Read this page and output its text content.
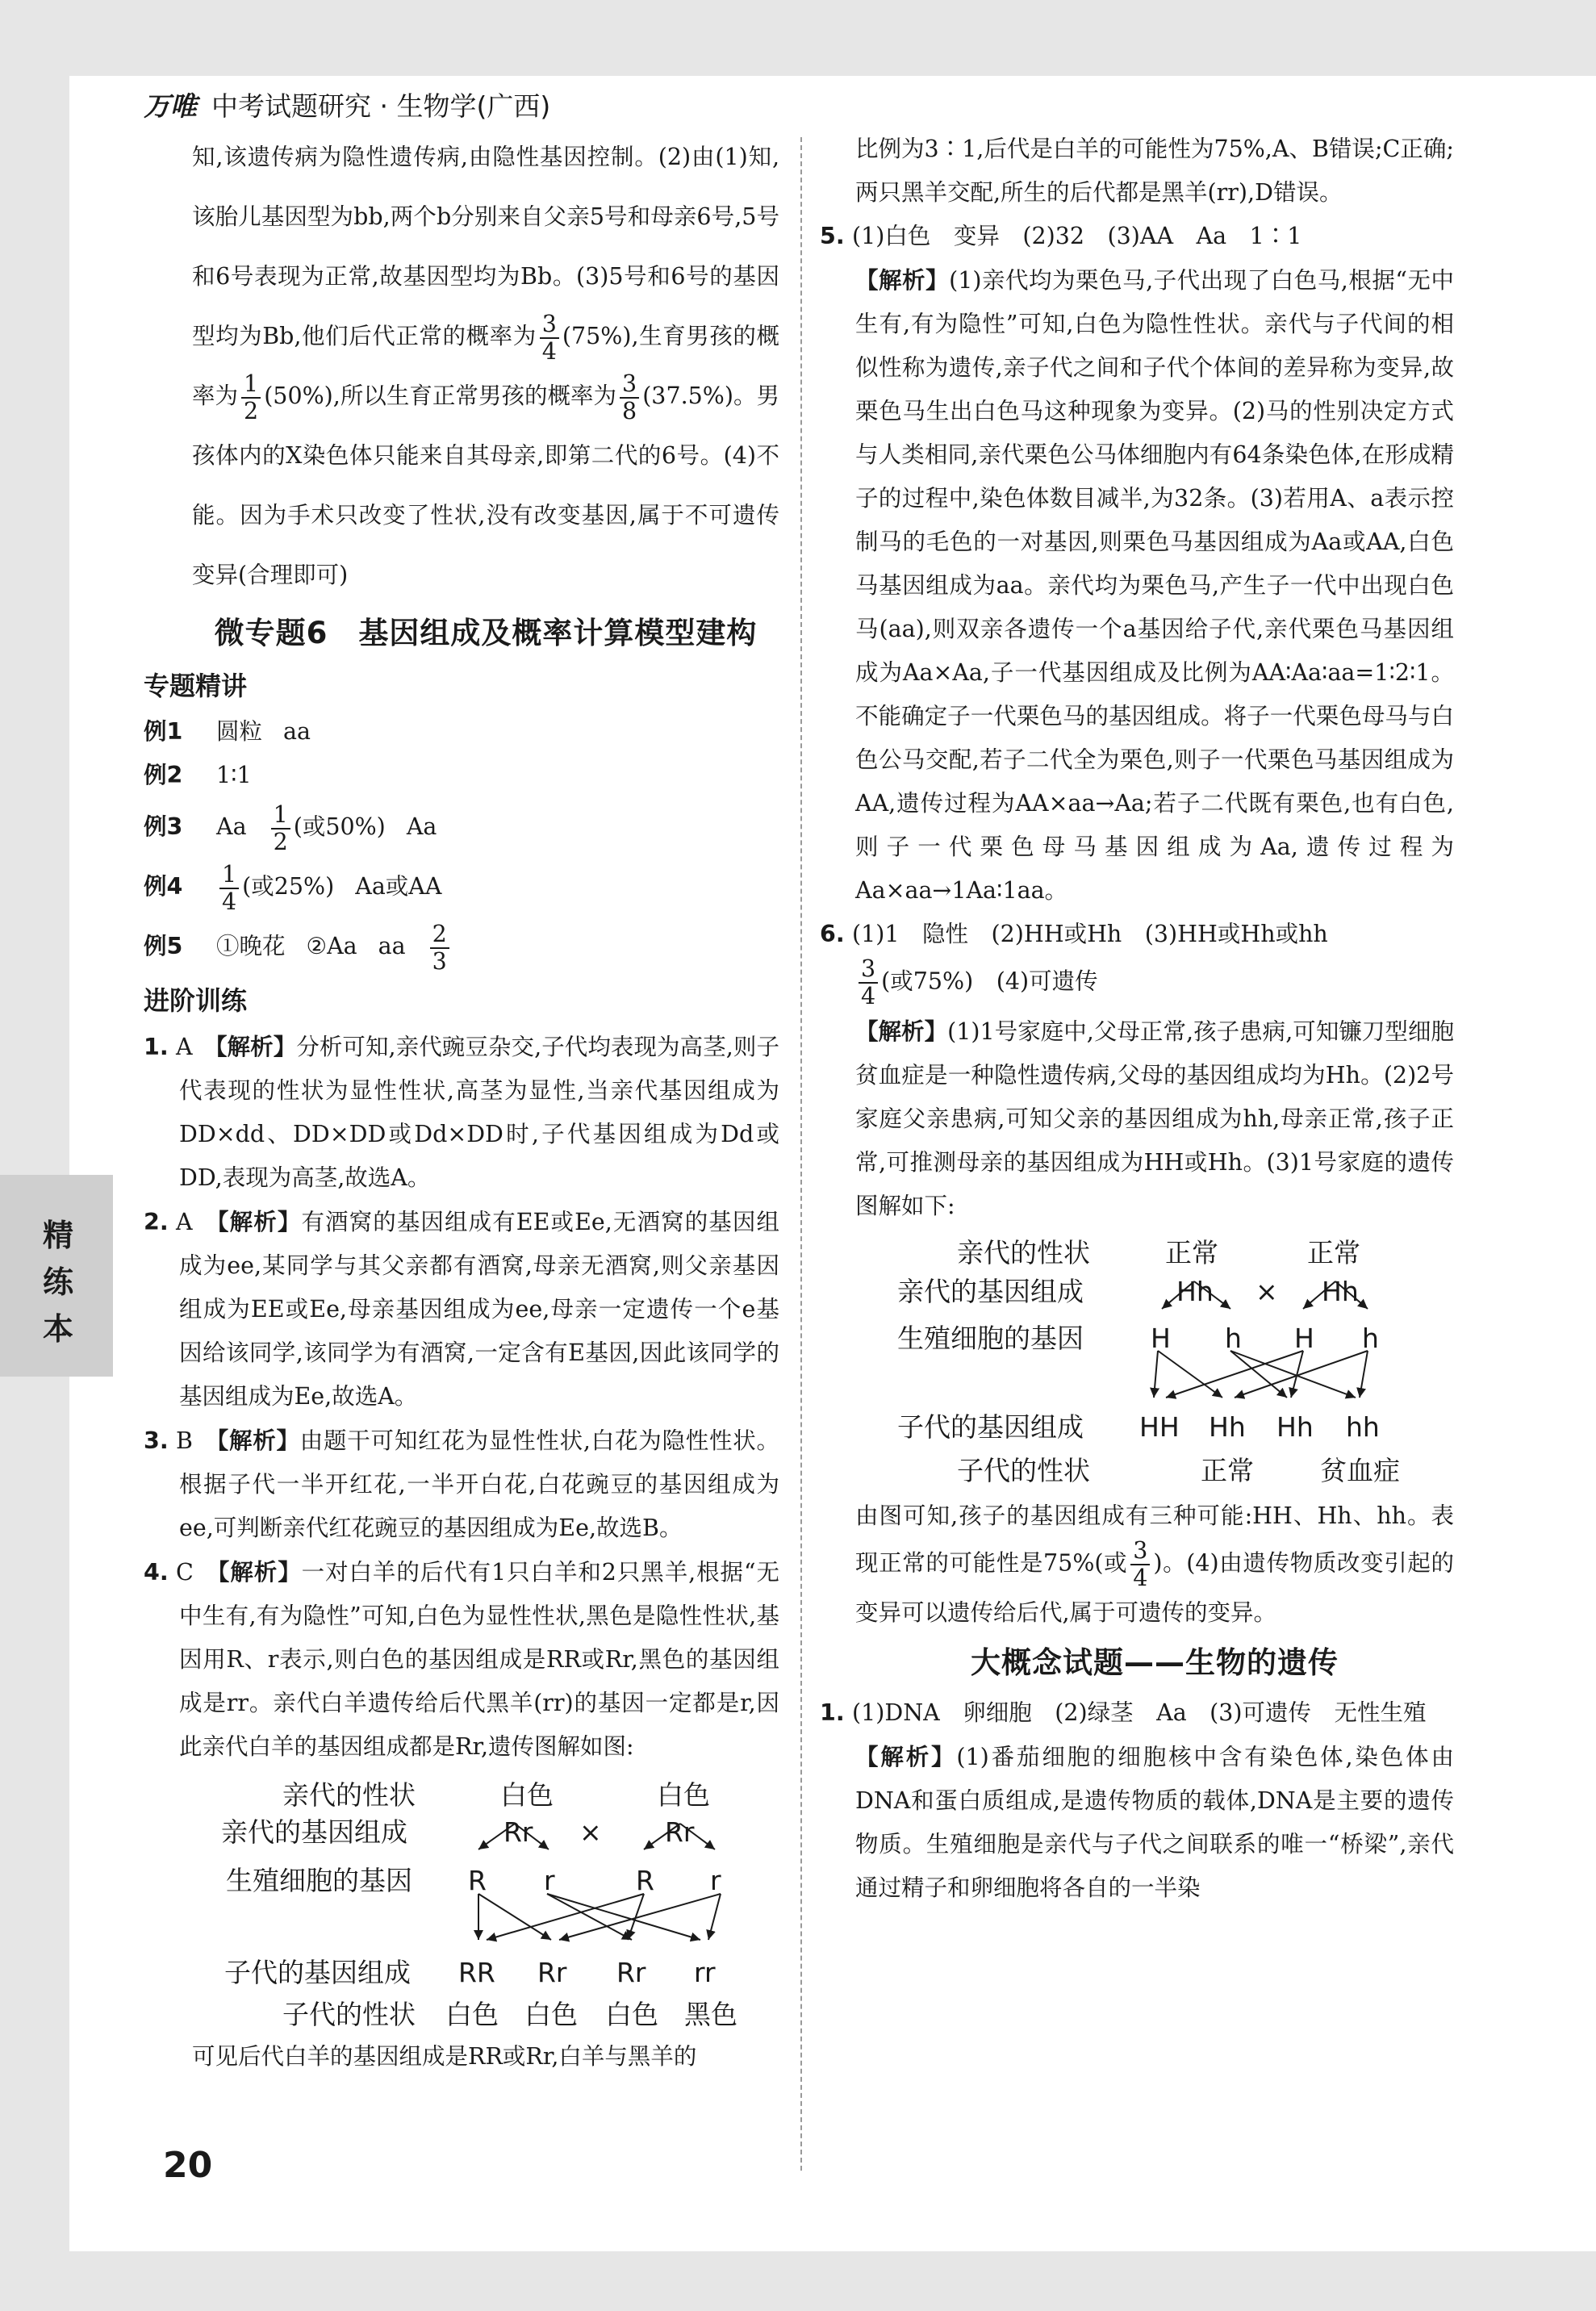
万唯 中考试题研究 · 生物学(广西)
精练本

知,该遗传病为隐性遗传病,由隐性基因控制。(2)由(1)知,该胎儿基因型为bb,两个b分别来自父亲5号和母亲6号,5号和6号表现为正常,故基因型均为Bb。(3)5号和6号的基因型均为Bb,他们后代正常的概率为 $\frac{3}{4} (75\%)$,生育男孩的概率为 $\frac{1}{2} (50\%)$,所以生育正常男孩的概率为 $\frac{3}{8} (37.5\%)$。男孩体内的X染色体只能来自其母亲,即第二代的6号。(4)不能。因为手术只改变了性状,没有改变基因,属于不可遗传变异(合理即可)

微专题6　基因组成及概率计算模型建构
专题精讲
例1 圆粒 aa
例2 1∶1
例3 Aa $\frac{1}{2}$ (或50%) Aa
例$4 \frac{1}{4}$ (或25%) Aa或AA
例5 ①晚花 ②Aa aa $\frac{2}{3}$
进阶训练
1. A　 【解析】分析可知,亲代豌豆杂交,子代均表现为高茎,则子代表现的性状为显性性状,高茎为显性,当亲代基因组成为DD×dd、DD×DD或Dd×DD时,子代基因组成为Dd或DD,表现为高茎,故选A。
2. A　 【解析】有酒窝的基因组成有EE或Ee,无酒窝的基因组成为ee,某同学与其父亲都有酒窝,母亲无酒窝,则父亲基因组成为EE或Ee,母亲基因组成为ee,母亲一定遗传一个e基因给该同学,该同学为有酒窝,一定含有E基因,因此该同学的基因组成为Ee,故选A。
3. B　 【解析】由题干可知红花为显性性状,白花为隐性性状。根据子代一半开红花,一半开白花,白花豌豆的基因组成为ee,可判断亲代红花豌豆的基因组成为Ee,故选B。
4. C　 【解析】一对白羊的后代有1只白羊和2只黑羊,根据“无中生有,有为隐性”可知,白色为显性性状,黑色是隐性性状,基因用R、r表示,则白色的基因组成是RR或Rr,黑色的基因组成是rr。亲代白羊遗传给后代黑羊(rr)的基因一定都是r,因此亲代白羊的基因组成都是Rr,遗传图解如图:
亲代的性状	白色	白色
亲代的基因组成	Rr × Rr
生殖细胞的基因 R r	R r
子代的基因组成 RR Rr Rr rr
子代的性状 白色 白色 白色 黑色

可见后代白羊的基因组成是RR或Rr,白羊与黑羊的

比例为3∶1,后代是白羊的可能性为75%,A、B错误;C正确;两只黑羊交配,所生的后代都是黑羊(rr),D错误。

5. (1)白色　变异　(2)32　(3)AA　Aa　1∶1
【解析】(1)亲代均为栗色马,子代出现了白色马,根据“无中生有,有为隐性”可知,白色为隐性性状。亲代与子代间的相似性称为遗传,亲子代之间和子代个体间的差异称为变异,故栗色马生出白色马这种现象为变异。(2)马的性别决定方式与人类相同,亲代栗色公马体细胞内有64条染色体,在形成精子的过程中,染色体数目减半,为32条。(3)若用A、a表示控制马的毛色的一对基因,则栗色马基因组成为Aa或AA,白色马基因组成为aa。亲代均为栗色马,产生子一代中出现白色马(aa),则双亲各遗传一个a基因给子代,亲代栗色马基因组成为Aa×Aa,子一代基因组成及比例为AA∶Aa∶aa=1∶2∶1。不能确定子一代栗色马的基因组成。将子一代栗色母马与白色公马交配,若子二代全为栗色,则子一代栗色马基因组成为AA,遗传过程为AA×aa→Aa;若子二代既有栗色,也有白色,则子一代栗色母马基因组成为Aa,遗传过程为Aa×aa→1Aa∶1aa。
6. (1)1　隐性　(2)HH或Hh　(3)HH或Hh或hh

$\frac{3}{4}$ (或75%)　(4)可遗传
【解析】(1)1号家庭中,父母正常,孩子患病,可知镰刀型细胞贫血症是一种隐性遗传病,父母的基因组成均为Hh。(2)2号家庭父亲患病,可知父亲的基因组成为hh,母亲正常,孩子正常,可推测母亲的基因组成为HH或Hh。(3)1号家庭的遗传图解如下:
亲代的性状	正常	正常
亲代的基因组成	Hh × Hh
生殖细胞的基因	H h H h
子代的基因组成 HH Hh Hh hh
子代的性状	正常 贫血症

由图可知,孩子的基因组成有三种可能:HH、Hh、hh。表现正常的可能性是75%(或 $\frac{3}{4}$ )。(4)由遗传物质改变引起的变异可以遗传给后代,属于可遗传的变异。

大概念试题——生物的遗传
1. (1)DNA　卵细胞　(2)绿茎　Aa　(3)可遗传　无性生殖
【解析】(1)番茄细胞的细胞核中含有染色体,染色体由DNA和蛋白质组成,是遗传物质的载体,DNA是主要的遗传物质。生殖细胞是亲代与子代之间联系的唯一“桥梁”,亲代通过精子和卵细胞将各自的一半染
20
